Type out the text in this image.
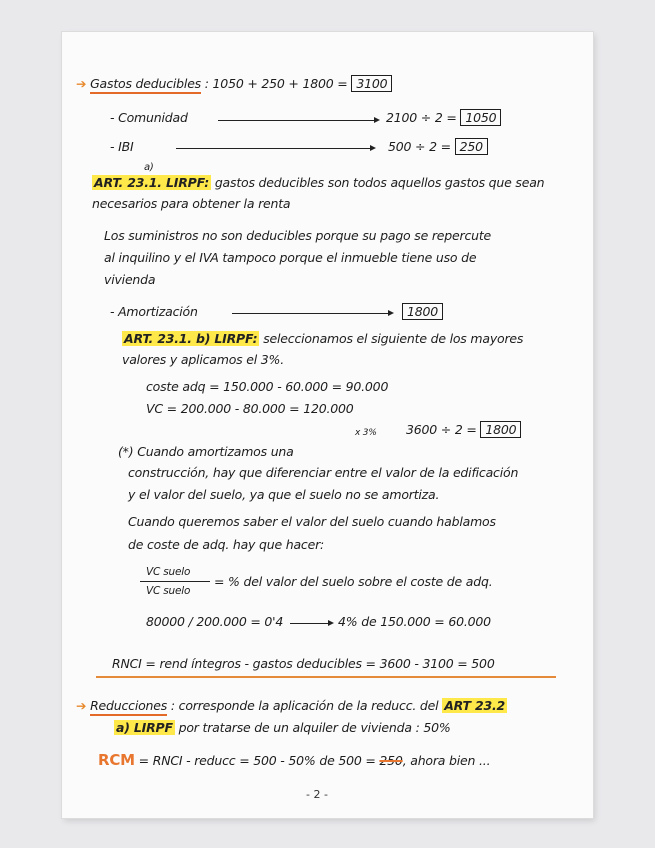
➔ Gastos deducibles : 1050 + 250 + 1800 = 3100
- Comunidad	2100 ÷ 2 = 1050
- IBI	500 ÷ 2 = 250
ART. 23.1. LIRPF: gastos deducibles son todos aquellos gastos que sean
a)
necesarios para obtener la renta
Los suministros no son deducibles porque su pago se repercute
al inquilino y el IVA tampoco porque el inmueble tiene uso de
vivienda
- Amortización	1800
ART. 23.1. b) LIRPF: seleccionamos el siguiente de los mayores
valores y aplicamos el 3%.
coste adq = 150.000 - 60.000 = 90.000
VC = 200.000 - 80.000 = 120.000
x 3% 3600 ÷ 2 = 1800
(*) Cuando amortizamos una
construcción, hay que diferenciar entre el valor de la edificación
y el valor del suelo, ya que el suelo no se amortiza.
Cuando queremos saber el valor del suelo cuando hablamos
de coste de adq. hay que hacer:
VC suelo
VC suelo
= % del valor del suelo sobre el coste de adq.
80000 / 200.000 = 0'4	4% de 150.000 = 60.000
RNCI = rend íntegros - gastos deducibles = 3600 - 3100 = 500
➔ Reducciones : corresponde la aplicación de la reducc. del ART 23.2
a) LIRPF por tratarse de un alquiler de vivienda : 50%
RCM = RNCI - reducc = 500 - 50% de 500 = 250, ahora bien ...
- 2 -
